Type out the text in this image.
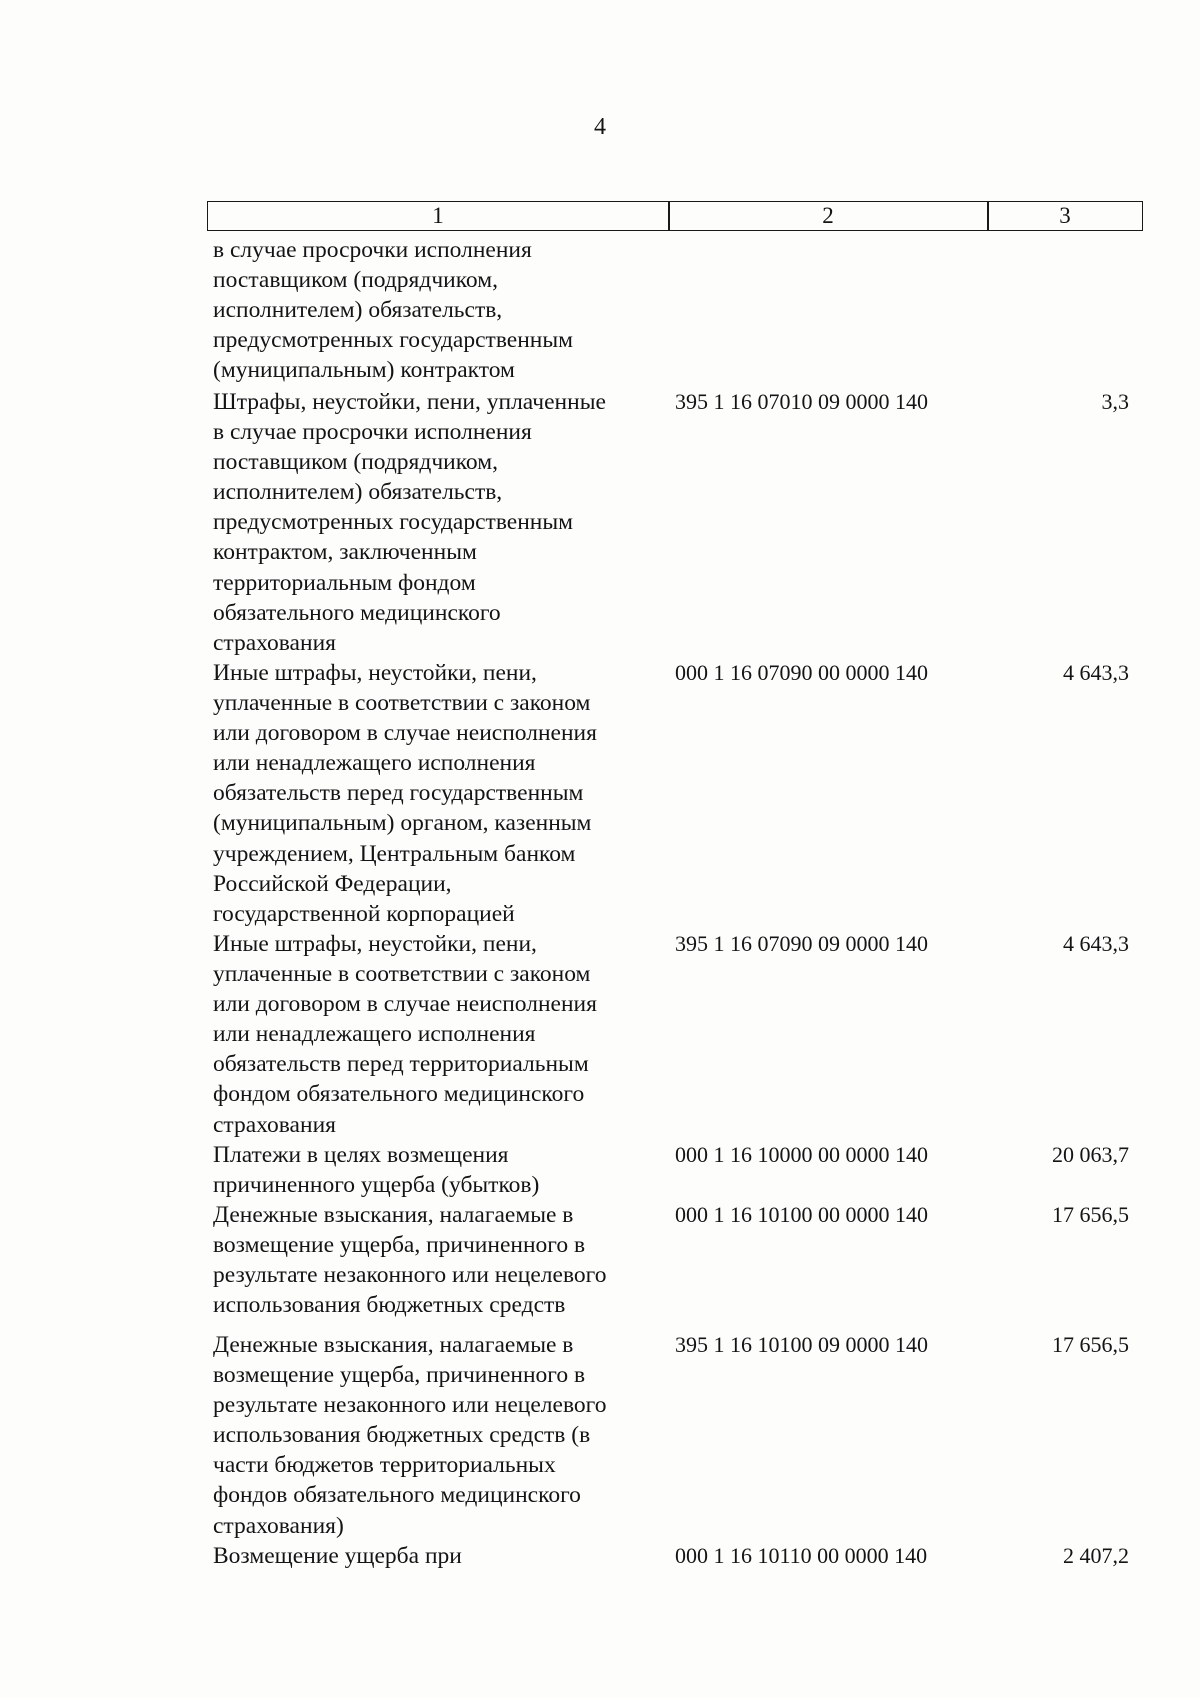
4
1	2	3
в случае просрочки исполнения
поставщиком (подрядчиком,
исполнителем) обязательств,
предусмотренных государственным
(муниципальным) контрактом
Штрафы, неустойки, пени, уплаченные
в случае просрочки исполнения
поставщиком (подрядчиком,
исполнителем) обязательств,
предусмотренных государственным
контрактом, заключенным
территориальным фондом
обязательного медицинского
страхования
395 1 16 07010 09 0000 140	3,3
Иные штрафы, неустойки, пени,
уплаченные в соответствии с законом
или договором в случае неисполнения
или ненадлежащего исполнения
обязательств перед государственным
(муниципальным) органом, казенным
учреждением, Центральным банком
Российской Федерации,
государственной корпорацией
000 1 16 07090 00 0000 140	4 643,3
Иные штрафы, неустойки, пени,
уплаченные в соответствии с законом
или договором в случае неисполнения
или ненадлежащего исполнения
обязательств перед территориальным
фондом обязательного медицинского
страхования
395 1 16 07090 09 0000 140	4 643,3
Платежи в целях возмещения
причиненного ущерба (убытков)
000 1 16 10000 00 0000 140	20 063,7
Денежные взыскания, налагаемые в
возмещение ущерба, причиненного в
результате незаконного или нецелевого
использования бюджетных средств
000 1 16 10100 00 0000 140	17 656,5
Денежные взыскания, налагаемые в
возмещение ущерба, причиненного в
результате незаконного или нецелевого
использования бюджетных средств (в
части бюджетов территориальных
фондов обязательного медицинского
страхования)
395 1 16 10100 09 0000 140	17 656,5
Возмещение ущерба при	000 1 16 10110 00 0000 140	2 407,2
